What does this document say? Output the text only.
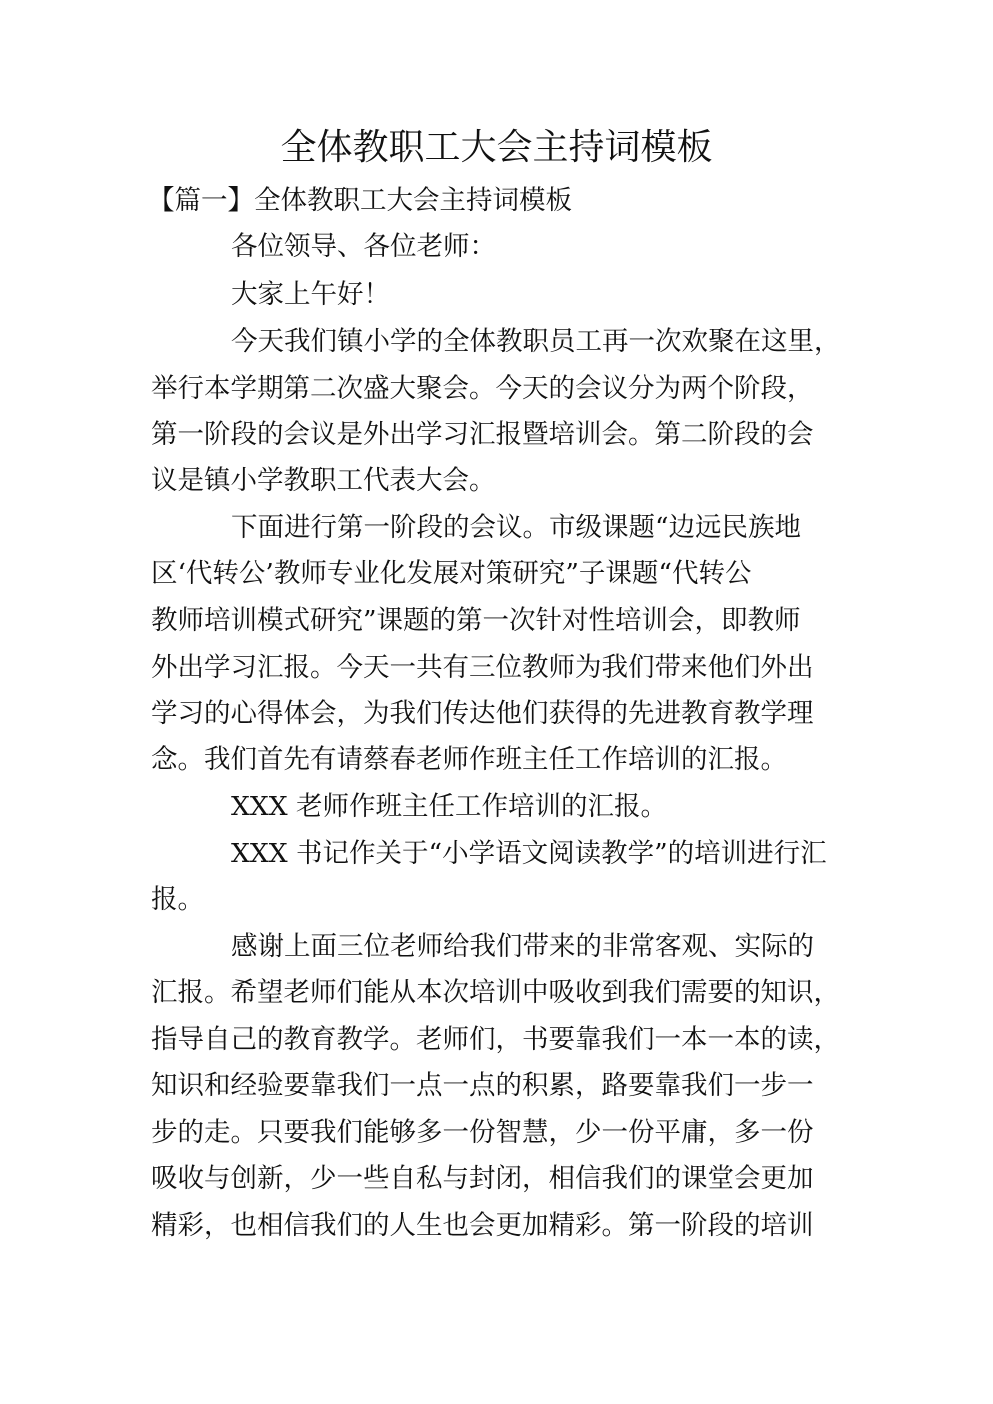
全体教职工大会主持词模板

【篇一】全体教职工大会主持词模板

各位领导、各位老师：

大家上午好！

今天我们镇小学的全体教职员工再一次欢聚在这里，

举行本学期第二次盛大聚会。今天的会议分为两个阶段，

第一阶段的会议是外出学习汇报暨培训会。第二阶段的会

议是镇小学教职工代表大会。

下面进行第一阶段的会议。市级课题“边远民族地

区‘代转公’教师专业化发展对策研究”子课题“代转公

教师培训模式研究”课题的第一次针对性培训会，即教师

外出学习汇报。今天一共有三位教师为我们带来他们外出

学习的心得体会，为我们传达他们获得的先进教育教学理

念。我们首先有请蔡春老师作班主任工作培训的汇报。

XXX 老师作班主任工作培训的汇报。

XXX 书记作关于“小学语文阅读教学”的培训进行汇

报。

感谢上面三位老师给我们带来的非常客观、实际的

汇报。希望老师们能从本次培训中吸收到我们需要的知识，

指导自己的教育教学。老师们，书要靠我们一本一本的读，

知识和经验要靠我们一点一点的积累，路要靠我们一步一

步的走。只要我们能够多一份智慧，少一份平庸，多一份

吸收与创新，少一些自私与封闭，相信我们的课堂会更加

精彩，也相信我们的人生也会更加精彩。第一阶段的培训
